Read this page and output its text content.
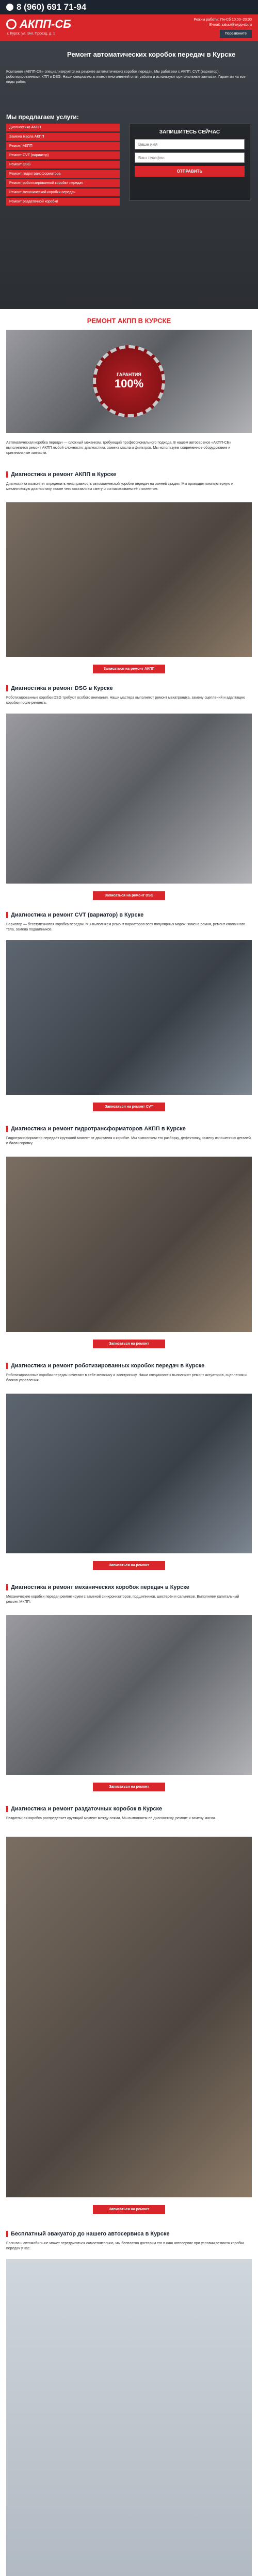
8 (960) 691 71-94
АКПП-СБ
г. Курск, ул. Энг. Проезд, д. 1
Режим работы: Пн-Сб 10:00–20:00
E-mail: zakaz@akpp-sb.ru
Перезвоните
Ремонт автоматических коробок передач в Курске
Компания «АКПП-СБ» специализируется на ремонте автоматических коробок передач. Мы работаем с АКПП, CVT (вариатор), роботизированными КПП и DSG. Наши специалисты имеют многолетний опыт работы и используют оригинальные запчасти. Гарантия на все виды работ.
Мы предлагаем услуги:
Диагностика АКПП
Замена масла АКПП
Ремонт АКПП
Ремонт CVT (вариатор)
Ремонт DSG
Ремонт гидротрансформатора
Ремонт роботизированной коробки передач
Ремонт механической коробки передач
Ремонт раздаточной коробки
ЗАПИШИТЕСЬ СЕЙЧАС
Ваше имя
Ваш телефон
ОТПРАВИТЬ
РЕМОНТ АКПП В КУРСКЕ
ГАРАНТИЯ
100%
Автоматическая коробка передач — сложный механизм, требующий профессионального подхода. В нашем автосервисе «АКПП-СБ» выполняется ремонт АКПП любой сложности, диагностика, замена масла и фильтров. Мы используем современное оборудование и оригинальные запчасти.
Диагностика и ремонт АКПП в Курске
Диагностика позволяет определить неисправность автоматической коробки передач на ранней стадии. Мы проводим компьютерную и механическую диагностику, после чего составляем смету и согласовываем её с клиентом.
Записаться на ремонт АКПП
Диагностика и ремонт DSG в Курске
Роботизированные коробки DSG требуют особого внимания. Наши мастера выполняют ремонт мехатроника, замену сцеплений и адаптацию коробки после ремонта.
Записаться на ремонт DSG
Диагностика и ремонт CVT (вариатор) в Курске
Вариатор — бесступенчатая коробка передач. Мы выполняем ремонт вариаторов всех популярных марок: замена ремня, ремонт клапанного тела, замена подшипников.
Записаться на ремонт CVT
Диагностика и ремонт гидротрансформаторов АКПП в Курске
Гидротрансформатор передаёт крутящий момент от двигателя к коробке. Мы выполняем его разборку, дефектовку, замену изношенных деталей и балансировку.
Записаться на ремонт
Диагностика и ремонт роботизированных коробок передач в Курске
Роботизированные коробки передач сочетают в себе механику и электронику. Наши специалисты выполняют ремонт актуаторов, сцепления и блоков управления.
Записаться на ремонт
Диагностика и ремонт механических коробок передач в Курске
Механические коробки передач ремонтируем с заменой синхронизаторов, подшипников, шестерён и сальников. Выполняем капитальный ремонт МКПП.
Записаться на ремонт
Диагностика и ремонт раздаточных коробок в Курске
Раздаточная коробка распределяет крутящий момент между осями. Мы выполняем её диагностику, ремонт и замену масла.
Записаться на ремонт
Бесплатный эвакуатор до нашего автосервиса в Курске
Если ваш автомобиль не может передвигаться самостоятельно, мы бесплатно доставим его в наш автосервис при условии ремонта коробки передач у нас.
